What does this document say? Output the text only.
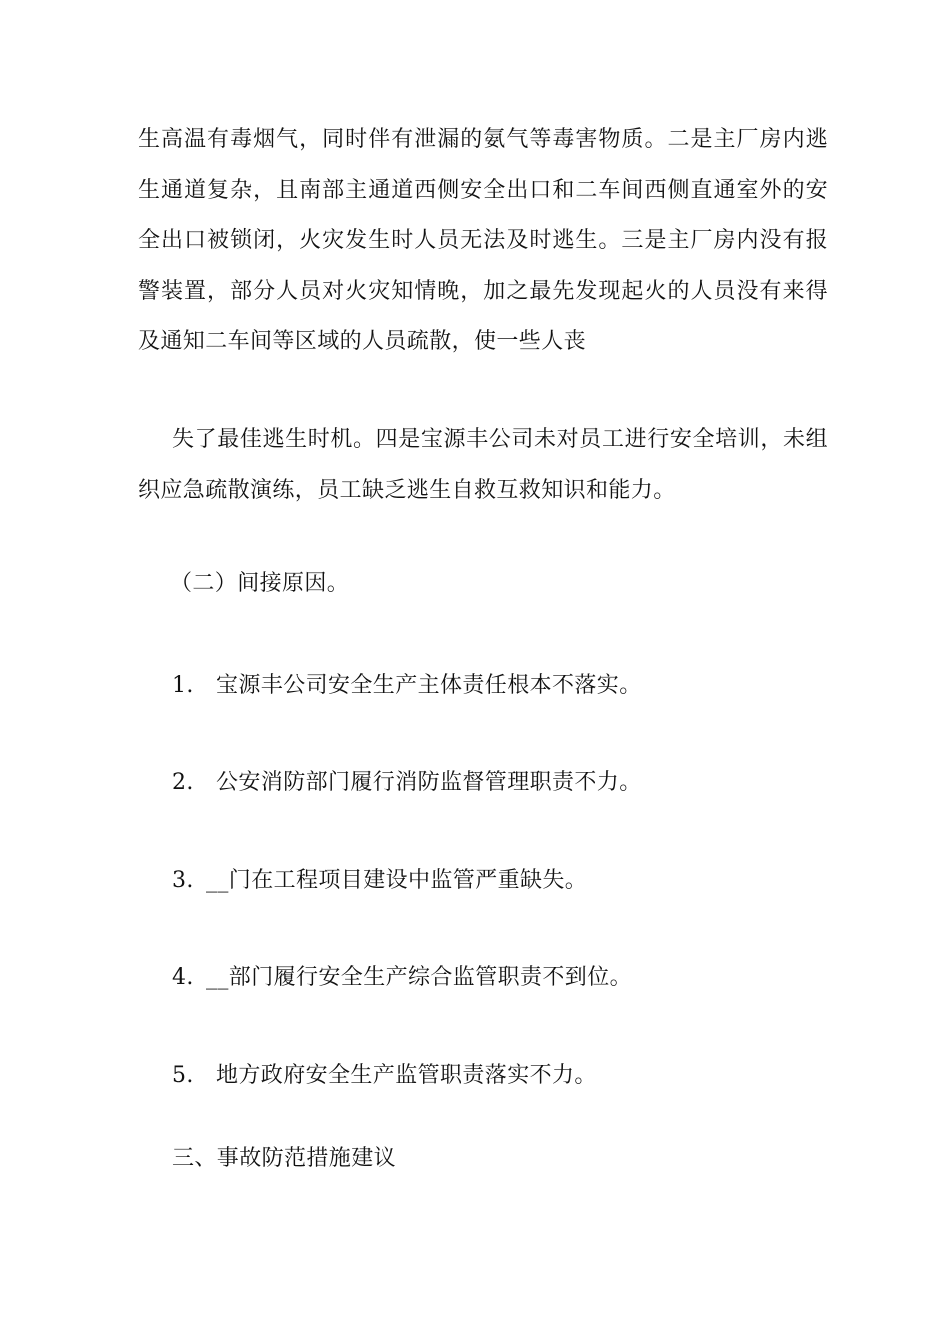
生高温有毒烟气，同时伴有泄漏的氨气等毒害物质。二是主厂房内逃生通道复杂，且南部主通道西侧安全出口和二车间西侧直通室外的安全出口被锁闭，火灾发生时人员无法及时逃生。三是主厂房内没有报警装置，部分人员对火灾知情晚，加之最先发现起火的人员没有来得及通知二车间等区域的人员疏散，使一些人丧

失了最佳逃生时机。四是宝源丰公司未对员工进行安全培训，未组织应急疏散演练，员工缺乏逃生自救互救知识和能力。

（二）间接原因。

1. 宝源丰公司安全生产主体责任根本不落实。

2. 公安消防部门履行消防监督管理职责不力。

3. __门在工程项目建设中监管严重缺失。

4. __部门履行安全生产综合监管职责不到位。

5. 地方政府安全生产监管职责落实不力。

三、事故防范措施建议
